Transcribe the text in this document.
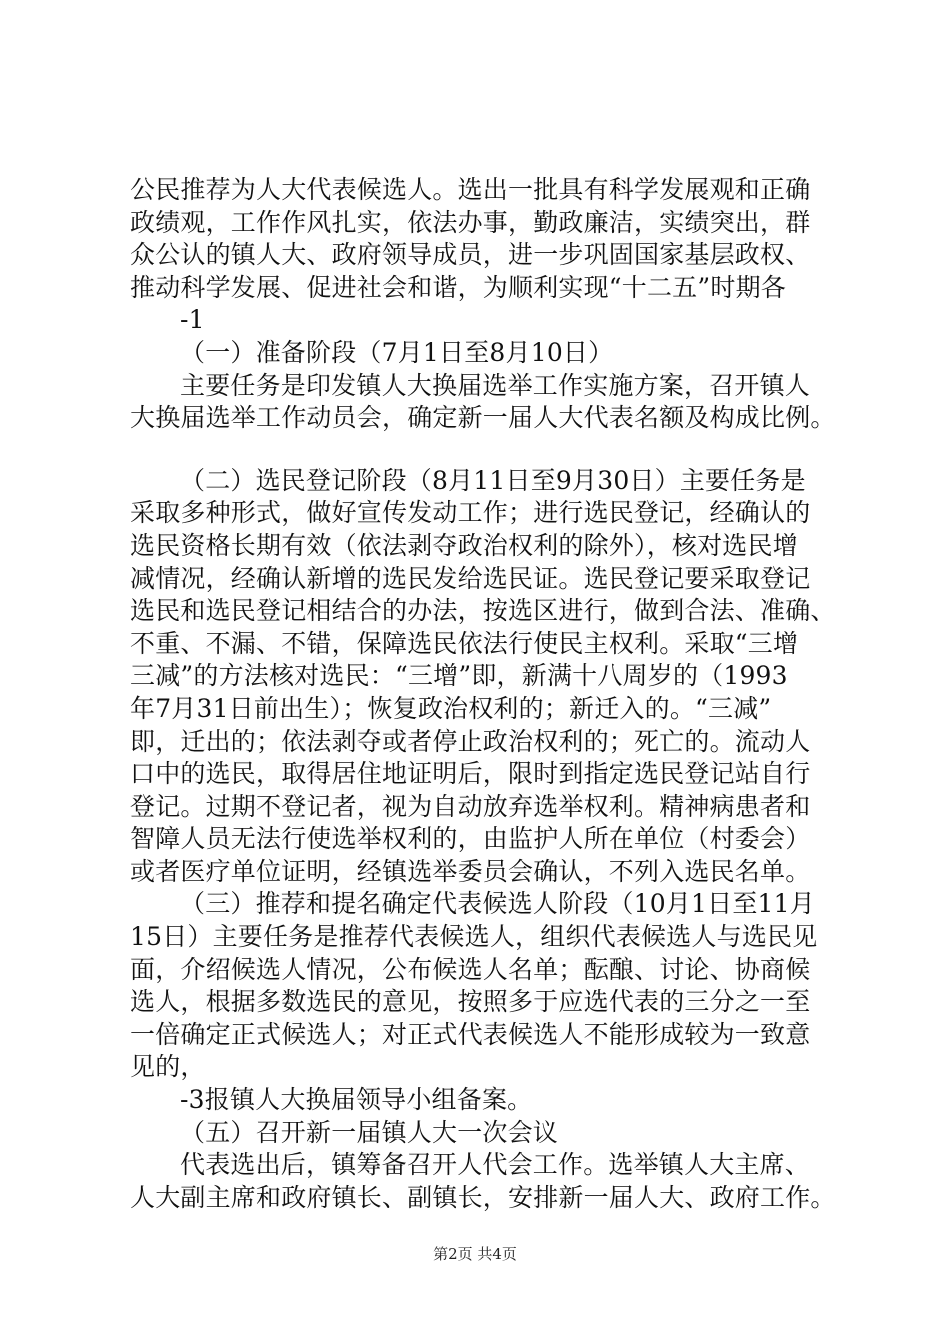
公民推荐为人大代表候选人。选出一批具有科学发展观和正确
政绩观，工作作风扎实，依法办事，勤政廉洁，实绩突出，群
众公认的镇人大、政府领导成员，进一步巩固国家基层政权、
推动科学发展、促进社会和谐，为顺利实现“十二五”时期各
-1
（一）准备阶段（7月1日至8月10日）
主要任务是印发镇人大换届选举工作实施方案，召开镇人
大换届选举工作动员会，确定新一届人大代表名额及构成比例。
（二）选民登记阶段（8月11日至9月30日）主要任务是
采取多种形式，做好宣传发动工作；进行选民登记，经确认的
选民资格长期有效（依法剥夺政治权利的除外），核对选民增
减情况，经确认新增的选民发给选民证。选民登记要采取登记
选民和选民登记相结合的办法，按选区进行，做到合法、准确、
不重、不漏、不错，保障选民依法行使民主权利。采取“三增
三减”的方法核对选民：“三增”即，新满十八周岁的（1993
年7月31日前出生）；恢复政治权利的；新迁入的。“三减”
即，迁出的；依法剥夺或者停止政治权利的；死亡的。流动人
口中的选民，取得居住地证明后，限时到指定选民登记站自行
登记。过期不登记者，视为自动放弃选举权利。精神病患者和
智障人员无法行使选举权利的，由监护人所在单位（村委会）
或者医疗单位证明，经镇选举委员会确认，不列入选民名单。
（三）推荐和提名确定代表候选人阶段（10月1日至11月
15日）主要任务是推荐代表候选人，组织代表候选人与选民见
面，介绍候选人情况，公布候选人名单；酝酿、讨论、协商候
选人，根据多数选民的意见，按照多于应选代表的三分之一至
一倍确定正式候选人；对正式代表候选人不能形成较为一致意
见的，
-3报镇人大换届领导小组备案。
（五）召开新一届镇人大一次会议
代表选出后，镇筹备召开人代会工作。选举镇人大主席、
人大副主席和政府镇长、副镇长，安排新一届人大、政府工作。
第2页 共4页
